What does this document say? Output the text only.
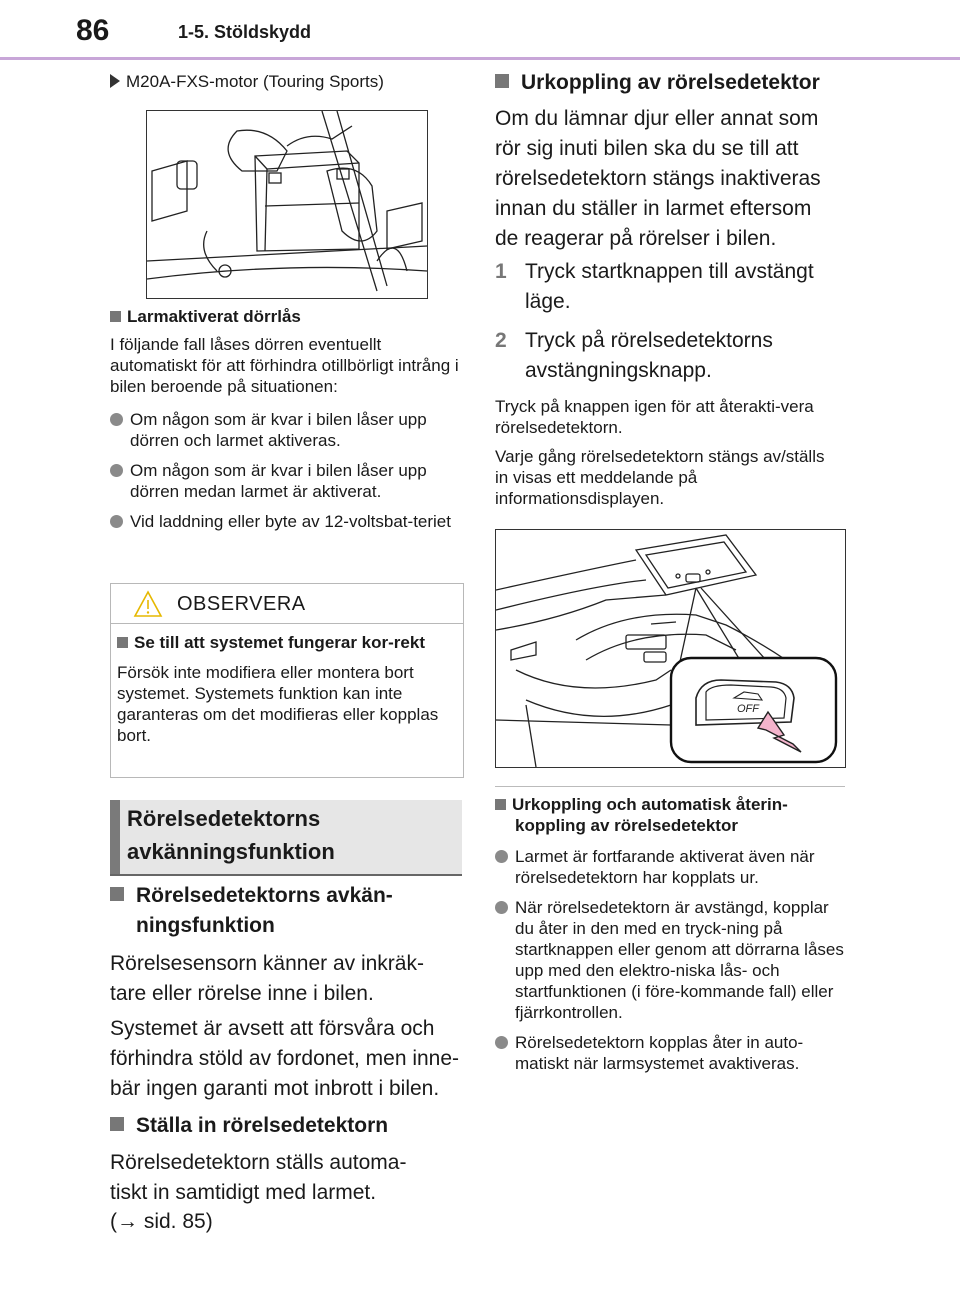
86	1-5. Stöldskydd
M20A-FXS-motor (Touring Sports)
Larmaktiverat dörrlås
I följande fall låses dörren eventuellt automatiskt för att förhindra otillbörligt intrång i bilen beroende på situationen:
Om någon som är kvar i bilen låser upp dörren och larmet aktiveras.
Om någon som är kvar i bilen låser upp dörren medan larmet är aktiverat.
Vid laddning eller byte av 12-voltsbat-teriet
OBSERVERA
Se till att systemet fungerar kor-rekt
Försök inte modifiera eller montera bort systemet. Systemets funktion kan inte garanteras om det modifieras eller kopplas bort.
Rörelsedetektorns avkänningsfunktion
Rörelsedetektorns avkän-ningsfunktion
Rörelsesensorn känner av inkräk-tare eller rörelse inne i bilen.
Systemet är avsett att försvåra och förhindra stöld av fordonet, men inne-bär ingen garanti mot inbrott i bilen.
Ställa in rörelsedetektorn
Rörelsedetektorn ställs automa-tiskt in samtidigt med larmet.
(→ sid. 85)
Urkoppling av rörelsedetektor
Om du lämnar djur eller annat som rör sig inuti bilen ska du se till att rörelsedetektorn stängs inaktiveras innan du ställer in larmet eftersom de reagerar på rörelser i bilen.
1 Tryck startknappen till avstängt läge.
2 Tryck på rörelsedetektorns avstängningsknapp.
Tryck på knappen igen för att återakti-vera rörelsedetektorn.
Varje gång rörelsedetektorn stängs av/ställs in visas ett meddelande på informationsdisplayen.
OFF
Urkoppling och automatisk återin-koppling av rörelsedetektor
Larmet är fortfarande aktiverat även när rörelsedetektorn har kopplats ur.
När rörelsedetektorn är avstängd, kopplar du åter in den med en tryck-ning på startknappen eller genom att dörrarna låses upp med den elektro-niska lås- och startfunktionen (i före-kommande fall) eller fjärrkontrollen.
Rörelsedetektorn kopplas åter in auto-matiskt när larmsystemet avaktiveras.
